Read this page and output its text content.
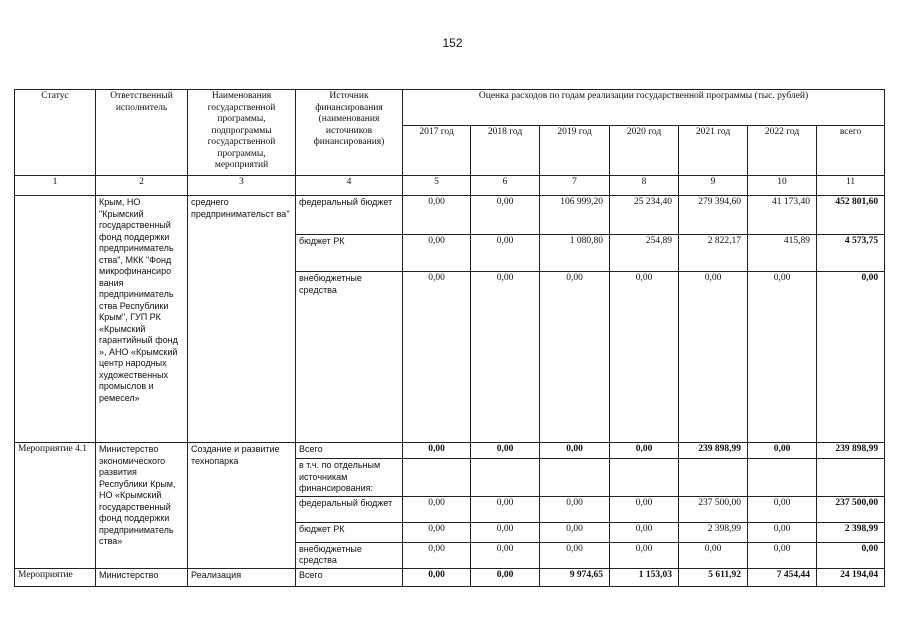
152
Статус	Ответственный исполнитель	Наименования государственной программы, подпрограммы государственной программы, мероприятий	Источник финансирования (наименования источников финансирования)	Оценка расходов по годам реализации государственной программы (тыс. рублей)						
				2017 год	2018 год	2019 год	2020 год	2021 год	2022 год	всего
1	2	3	4	5	6	7	8	9	10	11
	Крым, НО "Крымский государственный фонд поддержки предприниматель ства", МКК "Фонд микрофинансиро вания предприниматель ства Республики Крым", ГУП РК «Крымский гарантийный фонд », АНО «Крымский центр народных художественных промыслов и ремесел»	среднего предпринимательст ва"	федеральный бюджет	0,00	0,00	106 999,20	25 234,40	279 394,60	41 173,40	452 801,60
			бюджет РК	0,00	0,00	1 080,80	254,89	2 822,17	415,89	4 573,75
			внебюджетные средства	0,00	0,00	0,00	0,00	0,00	0,00	0,00
Мероприятие 4.1	Министерство экономического развития Республики Крым, НО «Крымский государственный фонд поддержки предприниматель ства»	Создание и развитие технопарка	Всего	0,00	0,00	0,00	0,00	239 898,99	0,00	239 898,99
			в т.ч. по отдельным источникам финансирования:							
			федеральный бюджет	0,00	0,00	0,00	0,00	237 500,00	0,00	237 500,00
			бюджет РК	0,00	0,00	0,00	0,00	2 398,99	0,00	2 398,99
			внебюджетные средства	0,00	0,00	0,00	0,00	0,00	0,00	0,00
Мероприятие	Министерство	Реализация	Всего	0,00	0,00	9 974,65	1 153,03	5 611,92	7 454,44	24 194,04
